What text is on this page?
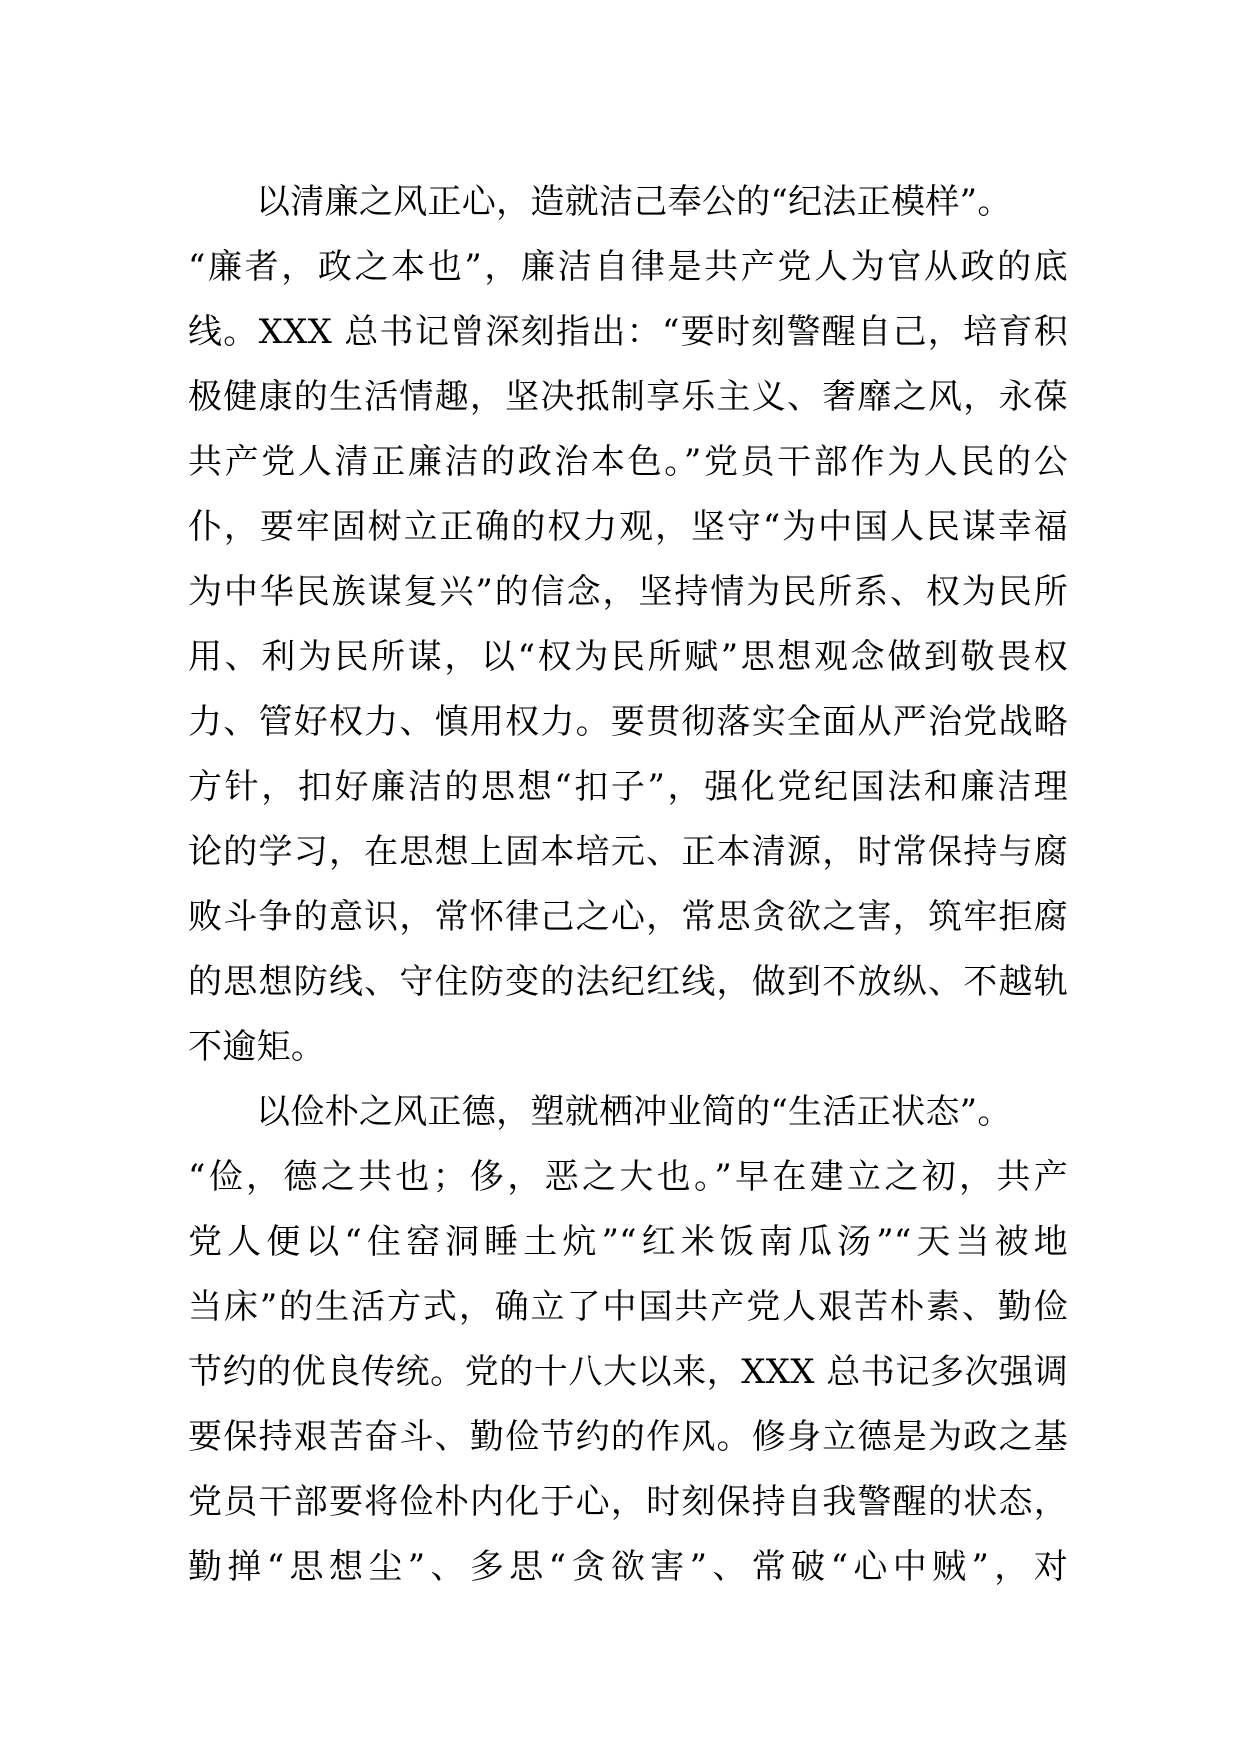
以清廉之风正心，造就洁己奉公的“纪法正模样”。
“廉者，政之本也”，廉洁自律是共产党人为官从政的底
线。XXX 总书记曾深刻指出：“要时刻警醒自己，培育积
极健康的生活情趣，坚决抵制享乐主义、奢靡之风，永葆
共产党人清正廉洁的政治本色。”党员干部作为人民的公
仆，要牢固树立正确的权力观，坚守“为中国人民谋幸福
为中华民族谋复兴”的信念，坚持情为民所系、权为民所
用、利为民所谋，以“权为民所赋”思想观念做到敬畏权
力、管好权力、慎用权力。要贯彻落实全面从严治党战略
方针，扣好廉洁的思想“扣子”，强化党纪国法和廉洁理
论的学习，在思想上固本培元、正本清源，时常保持与腐
败斗争的意识，常怀律己之心，常思贪欲之害，筑牢拒腐
的思想防线、守住防变的法纪红线，做到不放纵、不越轨
不逾矩。
以俭朴之风正德，塑就栖冲业简的“生活正状态”。
“俭，德之共也；侈，恶之大也。”早在建立之初，共产
党人便以“住窑洞睡土炕”“红米饭南瓜汤”“天当被地
当床”的生活方式，确立了中国共产党人艰苦朴素、勤俭
节约的优良传统。党的十八大以来，XXX 总书记多次强调
要保持艰苦奋斗、勤俭节约的作风。修身立德是为政之基
党员干部要将俭朴内化于心，时刻保持自我警醒的状态，
勤掸“思想尘”、多思“贪欲害”、常破“心中贼”，对
